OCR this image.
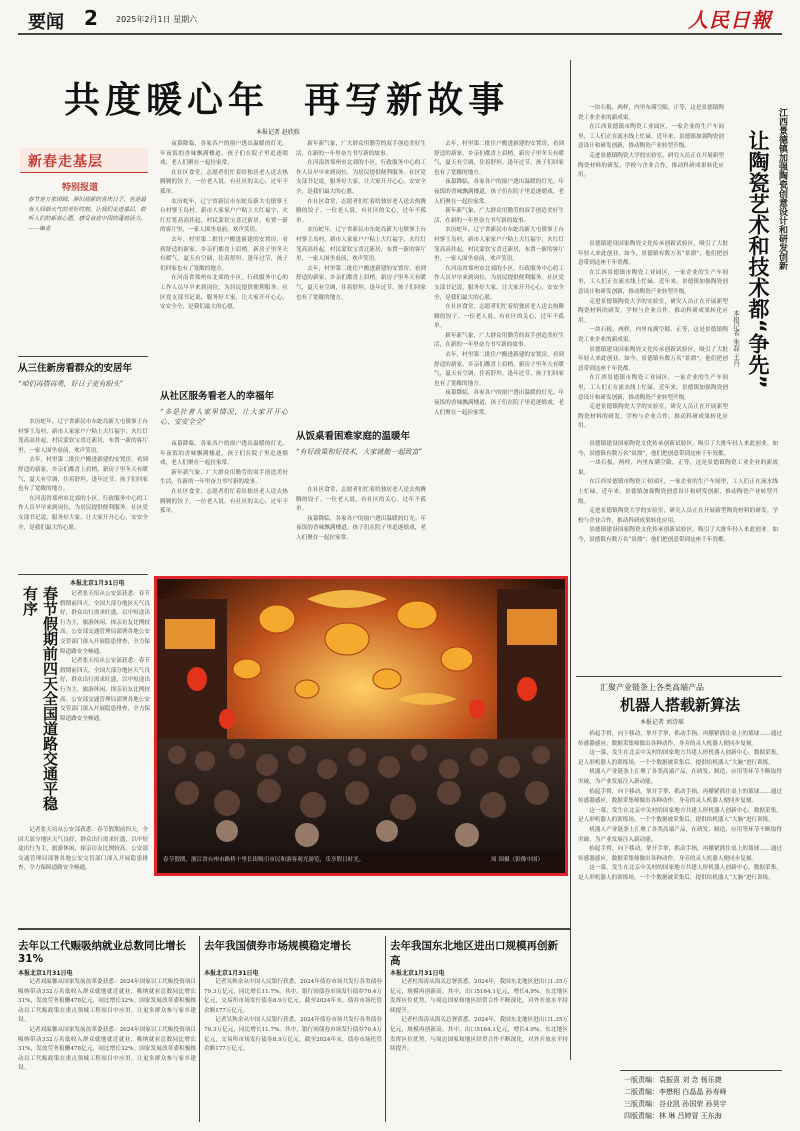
要闻 2 2025年2月1日 星期六	人民日報
共度暖心年  再写新故事
本报记者 赵欣娱
新春走基层
特别报道
春节是万家团圆、辞旧迎新的喜庆日子，也是最有人间烟火气的美好时刻。让我们走进基层，聆听人们的新春心愿，感受奋进中国的蓬勃活力。——编者
从三住新房看群众的安居年
“咱们再搭再勇，好日子更有盼头”

农历蛇年，辽宁省新民市东蛇岛新大屯镇寥王台村寥王岛村，新市人家家户户粘上大红福字，火红灯笼高高挂起。村民蒙钦宝喜迁新居，布置一新的客厅里，一家人围坐桌前，欢声笑语。

去年，村里第二批住户搬进新建的安置房，看到舒适的新家，乡亲们都喜上眉梢。新房子里冬天有暖气，夏天有空调，住着舒坦。逢年过节，孩子们回家也有了宽敞的地方。

在河南省郑州市北郊的小区，行政服务中心的工作人员早早来到岗位，为居民提供便利服务。社区党支部书记说，服务好大家，让大家开开心心、安安全全，是我们最大的心愿。

夜幕降临，各家各户的窗户透出温暖的灯光。年夜饭的香味飘满楼道，孩子们在院子里追逐嬉戏，老人们聚在一起拉家常。

在社区食堂，志愿者们忙着给独居老人送去热腾腾的饺子。一位老人说，有社区的关心，过年不孤单。

农历蛇年，辽宁省新民市东蛇岛新大屯镇寥王台村寥王岛村，新市人家家户户粘上大红福字，火红灯笼高高挂起。村民蒙钦宝喜迁新居，布置一新的客厅里，一家人围坐桌前，欢声笑语。

去年，村里第二批住户搬进新建的安置房，看到舒适的新家，乡亲们都喜上眉梢。新房子里冬天有暖气，夏天有空调，住着舒坦。逢年过节，孩子们回家也有了宽敞的地方。

在河南省郑州市北郊的小区，行政服务中心的工作人员早早来到岗位，为居民提供便利服务。社区党支部书记说，服务好大家，让大家开开心心、安安全全，是我们最大的心愿。

从社区服务看老人的幸福年
“多是社者人家里情况，让大家开开心心、安安全全”

夜幕降临，各家各户的窗户透出温暖的灯光。年夜饭的香味飘满楼道，孩子们在院子里追逐嬉戏，老人们聚在一起拉家常。

新年新气象，广大群众用勤劳的双手创造美好生活，在新的一年里奋力书写新的故事。

在社区食堂，志愿者们忙着给独居老人送去热腾腾的饺子。一位老人说，有社区的关心，过年不孤单。

新年新气象，广大群众用勤劳的双手创造美好生活，在新的一年里奋力书写新的故事。

在河南省郑州市北郊的小区，行政服务中心的工作人员早早来到岗位，为居民提供便利服务。社区党支部书记说，服务好大家，让大家开开心心、安安全全，是我们最大的心愿。

在社区食堂，志愿者们忙着给独居老人送去热腾腾的饺子。一位老人说，有社区的关心，过年不孤单。

农历蛇年，辽宁省新民市东蛇岛新大屯镇寥王台村寥王岛村，新市人家家户户粘上大红福字，火红灯笼高高挂起。村民蒙钦宝喜迁新居，布置一新的客厅里，一家人围坐桌前，欢声笑语。

去年，村里第二批住户搬进新建的安置房，看到舒适的新家，乡亲们都喜上眉梢。新房子里冬天有暖气，夏天有空调，住着舒坦。逢年过节，孩子们回家也有了宽敞的地方。

从饭桌看困难家庭的温暖年
“有好政策和好技术，大家就能一起致富”

在社区食堂，志愿者们忙着给独居老人送去热腾腾的饺子。一位老人说，有社区的关心，过年不孤单。

夜幕降临，各家各户的窗户透出温暖的灯光。年夜饭的香味飘满楼道，孩子们在院子里追逐嬉戏，老人们聚在一起拉家常。

去年，村里第二批住户搬进新建的安置房，看到舒适的新家，乡亲们都喜上眉梢。新房子里冬天有暖气，夏天有空调，住着舒坦。逢年过节，孩子们回家也有了宽敞的地方。

夜幕降临，各家各户的窗户透出温暖的灯光。年夜饭的香味飘满楼道，孩子们在院子里追逐嬉戏，老人们聚在一起拉家常。

新年新气象，广大群众用勤劳的双手创造美好生活，在新的一年里奋力书写新的故事。

农历蛇年，辽宁省新民市东蛇岛新大屯镇寥王台村寥王岛村，新市人家家户户粘上大红福字，火红灯笼高高挂起。村民蒙钦宝喜迁新居，布置一新的客厅里，一家人围坐桌前，欢声笑语。

在河南省郑州市北郊的小区，行政服务中心的工作人员早早来到岗位，为居民提供便利服务。社区党支部书记说，服务好大家，让大家开开心心、安安全全，是我们最大的心愿。

在社区食堂，志愿者们忙着给独居老人送去热腾腾的饺子。一位老人说，有社区的关心，过年不孤单。

新年新气象，广大群众用勤劳的双手创造美好生活，在新的一年里奋力书写新的故事。

去年，村里第二批住户搬进新建的安置房，看到舒适的新家，乡亲们都喜上眉梢。新房子里冬天有暖气，夏天有空调，住着舒坦。逢年过节，孩子们回家也有了宽敞的地方。

夜幕降临，各家各户的窗户透出温暖的灯光。年夜饭的香味飘满楼道，孩子们在院子里追逐嬉戏，老人们聚在一起拉家常。

一块石板，两样，内里布满空隙，正等，这是景德镇陶瓷工业企业的新成果。

在江西景德镇市陶瓷工业园区，一家企业的生产车间里，工人们正在流水线上忙碌。近年来，景德镇加强陶瓷创意设计和研发创新，推动陶瓷产业转型升级。

走进景德镇陶瓷大学的实验室，研究人员正在开展新型陶瓷材料的研发。学校与企业合作，推动科研成果转化应用。	江西景德镇加强陶瓷创意设计和研发创新
让陶瓷艺术和技术都“争先”
本报记者 朱磊 王丹

景德镇建设国家陶瓷文化传承创新试验区，吸引了大批年轻人来此创业。如今，景德镇有数万名“景漂”，他们把创意带到这座千年瓷都。

在江西景德镇市陶瓷工业园区，一家企业的生产车间里，工人们正在流水线上忙碌。近年来，景德镇加强陶瓷创意设计和研发创新，推动陶瓷产业转型升级。

走进景德镇陶瓷大学的实验室，研究人员正在开展新型陶瓷材料的研发。学校与企业合作，推动科研成果转化应用。

一块石板，两样，内里布满空隙，正等，这是景德镇陶瓷工业企业的新成果。

景德镇建设国家陶瓷文化传承创新试验区，吸引了大批年轻人来此创业。如今，景德镇有数万名“景漂”，他们把创意带到这座千年瓷都。

在江西景德镇市陶瓷工业园区，一家企业的生产车间里，工人们正在流水线上忙碌。近年来，景德镇加强陶瓷创意设计和研发创新，推动陶瓷产业转型升级。

走进景德镇陶瓷大学的实验室，研究人员正在开展新型陶瓷材料的研发。学校与企业合作，推动科研成果转化应用。

景德镇建设国家陶瓷文化传承创新试验区，吸引了大批年轻人来此创业。如今，景德镇有数万名“景漂”，他们把创意带到这座千年瓷都。

一块石板，两样，内里布满空隙，正等，这是景德镇陶瓷工业企业的新成果。

在江西景德镇市陶瓷工业园区，一家企业的生产车间里，工人们正在流水线上忙碌。近年来，景德镇加强陶瓷创意设计和研发创新，推动陶瓷产业转型升级。

走进景德镇陶瓷大学的实验室，研究人员正在开展新型陶瓷材料的研发。学校与企业合作，推动科研成果转化应用。

景德镇建设国家陶瓷文化传承创新试验区，吸引了大批年轻人来此创业。如今，景德镇有数万名“景漂”，他们把创意带到这座千年瓷都。

汇聚产业链条上各类高端产品
机器人搭载新算法
本报记者 刘诗瑶

抬起手臂，向下移动，掌开手掌，抓动手指，再攥紧抓住桌上的篮球……通过传感器感应，数据采集师做出各种动作，身旁的灵人机器人便同步复刻。

这一幕，发生在北京中关村的国家地方共建人形机器人创新中心。数据采集，是人形机器人的训练场，一个个数据被采集后，提供给机器人“大脑”进行训练。

机器人产业链条上汇聚了各类高端产品，在研发、制造、应用等环节不断取得突破，为产业发展注入新动能。

抬起手臂，向下移动，掌开手掌，抓动手指，再攥紧抓住桌上的篮球……通过传感器感应，数据采集师做出各种动作，身旁的灵人机器人便同步复刻。

这一幕，发生在北京中关村的国家地方共建人形机器人创新中心。数据采集，是人形机器人的训练场，一个个数据被采集后，提供给机器人“大脑”进行训练。

机器人产业链条上汇聚了各类高端产品，在研发、制造、应用等环节不断取得突破，为产业发展注入新动能。

抬起手臂，向下移动，掌开手掌，抓动手指，再攥紧抓住桌上的篮球……通过传感器感应，数据采集师做出各种动作，身旁的灵人机器人便同步复刻。

这一幕，发生在北京中关村的国家地方共建人形机器人创新中心。数据采集，是人形机器人的训练场，一个个数据被采集后，提供给机器人“大脑”进行训练。

一版责编：袁振喜 刘 念 杨乐捷
二版责编：李懋相 白晶晶 孙寿峰
三版责编：谷业凯 孙国荣 孙昊宇
四版责编：林 琳 吕婷冒 王东海
本报北京1月31日电
春节假期前四天全国道路交通平稳有序	记者张天培从公安部获悉：春节假期前四天，全国大部分地区天气良好，群众出行需求旺盛，以中短途出行为主，旅游休闲、探亲访友比例较高。公安部交通管理局部署各地公安交管部门深入开展隐患排查，全力保障道路安全畅通。

记者张天培从公安部获悉：春节假期前四天，全国大部分地区天气良好，群众出行需求旺盛，以中短途出行为主，旅游休闲、探亲访友比例较高。公安部交通管理局部署各地公安交管部门深入开展隐患排查，全力保障道路安全畅通。

记者张天培从公安部获悉：春节假期前四天，全国大部分地区天气良好，群众出行需求旺盛，以中短途出行为主，旅游休闲、探亲访友比例较高。公安部交通管理局部署各地公安交管部门深入开展隐患排查，全力保障道路安全畅通。

春节假期，浙江省台州市路桥十里长街吸引市民和游客观光游览，乐享假日时光。	周 围摄（影像中国）
去年以工代赈吸纳就业总数同比增长31%
本报北京1月31日电

记者刘温馨从国家发展改革委获悉：2024年国家以工代赈投资项目吸纳带动332万名低收入群众就地就近就业，吸纳就业总数同比增长31%，发放劳务报酬478亿元，同比增长32%。国家发展改革委积极推动以工代赈政策在重点领域工程项目中应用，让更多群众参与家乡建设。

记者刘温馨从国家发展改革委获悉：2024年国家以工代赈投资项目吸纳带动332万名低收入群众就地就近就业，吸纳就业总数同比增长31%，发放劳务报酬478亿元，同比增长32%。国家发展改革委积极推动以工代赈政策在重点领域工程项目中应用，让更多群众参与家乡建设。

去年我国债券市场规模稳定增长
本报北京1月31日电

记者吴秋余从中国人民银行获悉，2024年债券市场共发行各类债券79.3万亿元，同比增长11.7%。其中，银行间债券市场发行债券70.4万亿元，交易所市场发行债券8.9万亿元。截至2024年末，债券市场托管余额177万亿元。

记者吴秋余从中国人民银行获悉，2024年债券市场共发行各类债券79.3万亿元，同比增长11.7%。其中，银行间债券市场发行债券70.4万亿元，交易所市场发行债券8.9万亿元。截至2024年末，债券市场托管余额177万亿元。

去年我国东北地区进出口规模再创新高
本报北京1月31日电

记者杜海涛从海关总署获悉，2024年，我国东北地区进出口1.35万亿元，规模再创新高。其中，出口5164.1亿元，增长4.9%。东北地区发挥区位优势，与周边国家和地区经贸合作不断深化，对外开放水平持续提升。

记者杜海涛从海关总署获悉，2024年，我国东北地区进出口1.35万亿元，规模再创新高。其中，出口5164.1亿元，增长4.9%。东北地区发挥区位优势，与周边国家和地区经贸合作不断深化，对外开放水平持续提升。
